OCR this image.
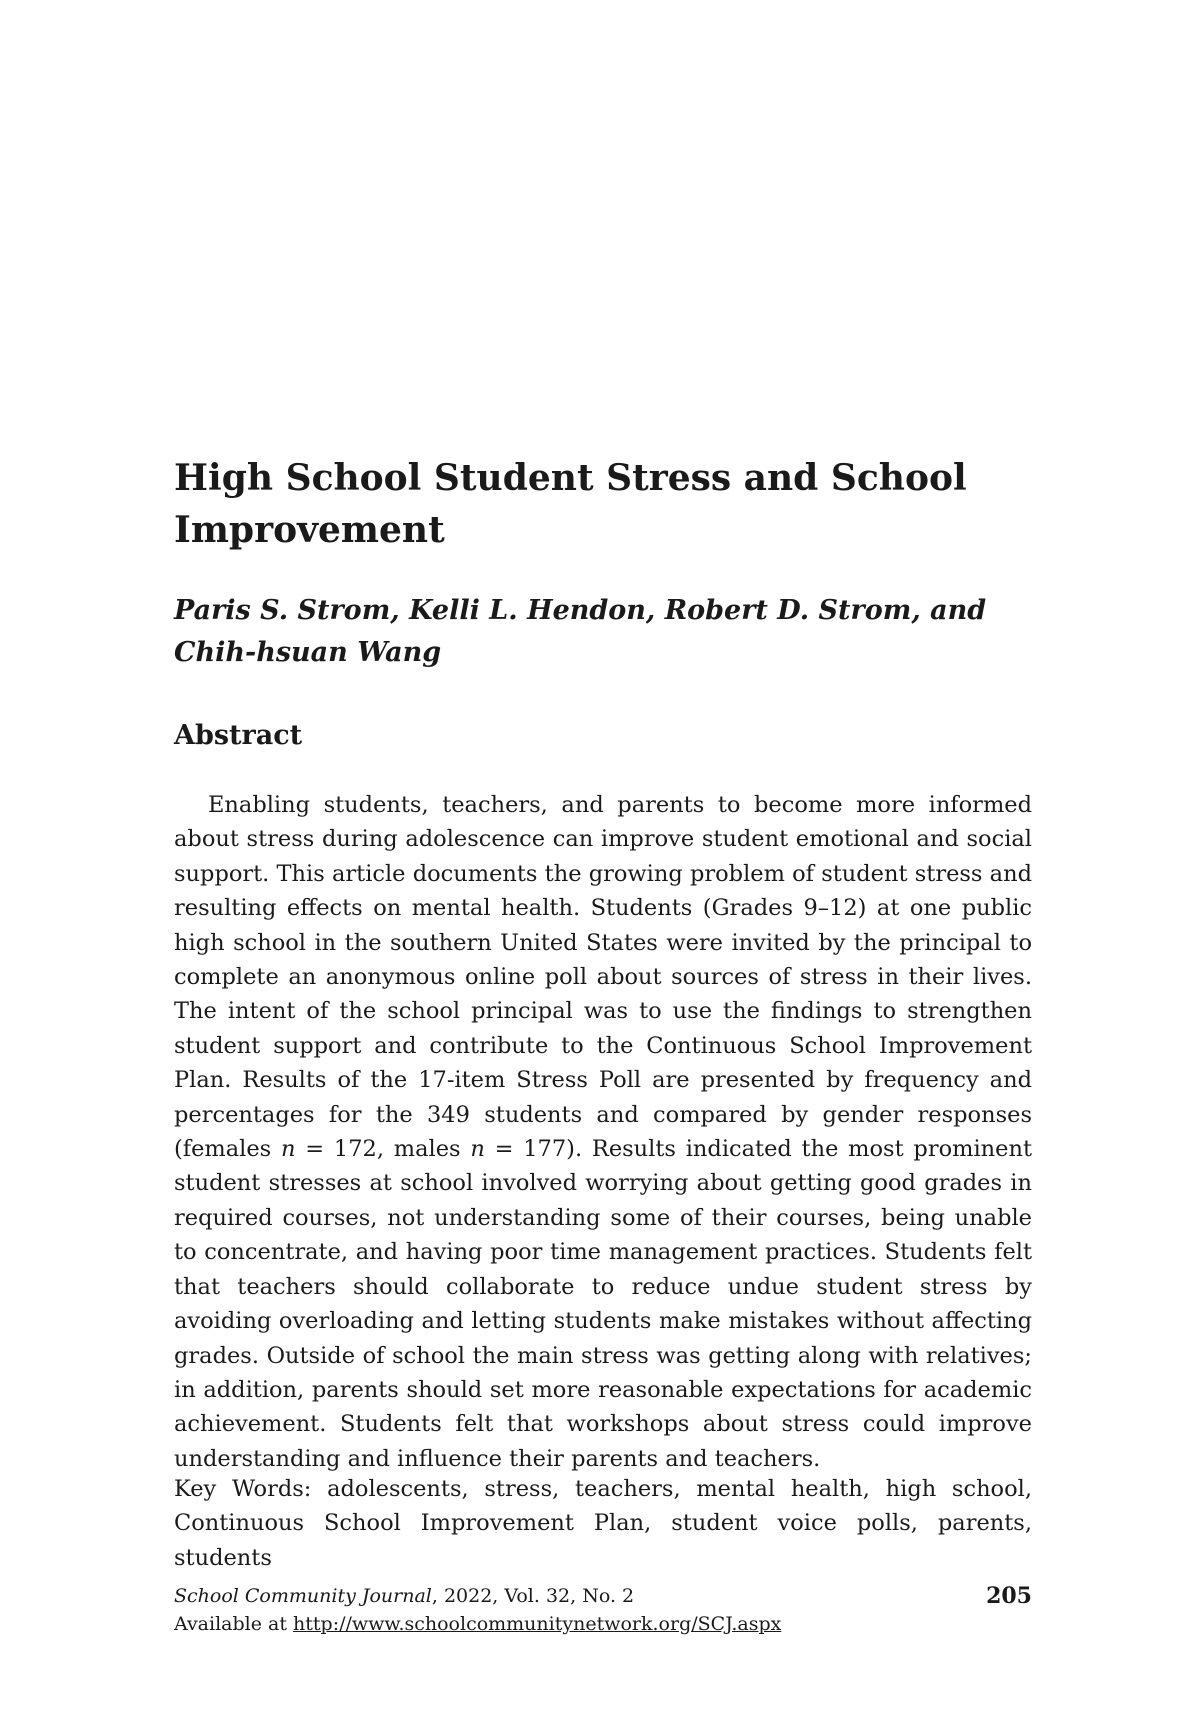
High School Student Stress and School Improvement

Paris S. Strom, Kelli L. Hendon, Robert D. Strom, and Chih-hsuan Wang

Abstract

Enabling students, teachers, and parents to become more informed about stress during adolescence can improve student emotional and social support. This article documents the growing problem of student stress and resulting effects on mental health. Students (Grades 9–12) at one public high school in the southern United States were invited by the principal to complete an anonymous online poll about sources of stress in their lives. The intent of the school principal was to use the findings to strengthen student support and contribute to the Continuous School Improvement Plan. Results of the 17-item Stress Poll are presented by frequency and percentages for the 349 students and compared by gender responses (females n = 172, males n = 177). Results indicated the most prominent student stresses at school involved worrying about getting good grades in required courses, not understanding some of their courses, being unable to concentrate, and having poor time management practices. Students felt that teachers should collaborate to reduce undue student stress by avoiding overloading and letting students make mistakes without affecting grades. Outside of school the main stress was getting along with relatives; in addition, parents should set more reasonable expectations for academic achievement. Students felt that workshops about stress could improve understanding and influence their parents and teachers.

Key Words: adolescents, stress, teachers, mental health, high school, Continuous School Improvement Plan, student voice polls, parents, students

School Community Journal, 2022, Vol. 32, No. 2
Available at http://www.schoolcommunitynetwork.org/SCJ.aspx
205
